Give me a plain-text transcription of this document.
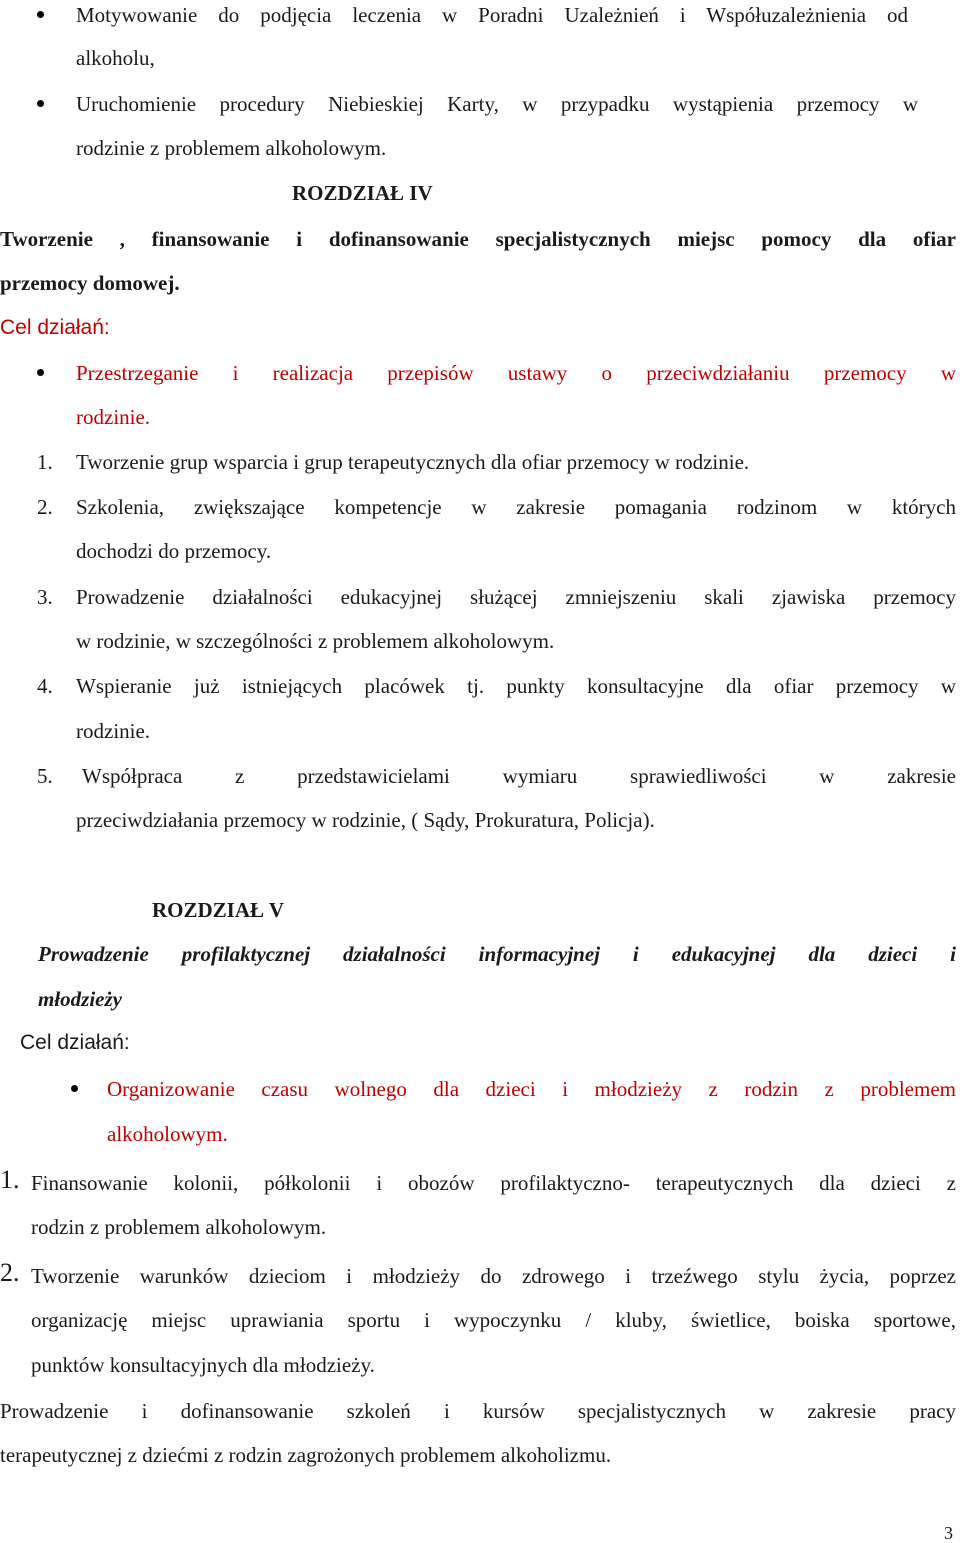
Motywowanie do podjęcia leczenia w Poradni Uzależnień i Współuzależnienia od
alkoholu,
Uruchomienie procedury Niebieskiej Karty, w przypadku wystąpienia przemocy w
rodzinie z problemem alkoholowym.
ROZDZIAŁ IV
Tworzenie , finansowanie i dofinansowanie specjalistycznych miejsc pomocy dla ofiar
przemocy domowej.
Cel działań:
Przestrzeganie i realizacja przepisów ustawy o przeciwdziałaniu przemocy w
rodzinie.
1. Tworzenie grup wsparcia i grup terapeutycznych dla ofiar przemocy w rodzinie.
2. Szkolenia, zwiększające kompetencje w zakresie pomagania rodzinom w których
dochodzi do przemocy.
3. Prowadzenie działalności edukacyjnej służącej zmniejszeniu skali zjawiska przemocy
w rodzinie, w szczególności z problemem alkoholowym.
4. Wspieranie już istniejących placówek tj. punkty konsultacyjne dla ofiar przemocy w
rodzinie.
5. Współpraca z przedstawicielami wymiaru sprawiedliwości w zakresie
przeciwdziałania przemocy w rodzinie, ( Sądy, Prokuratura, Policja).
ROZDZIAŁ V
Prowadzenie profilaktycznej działalności informacyjnej i edukacyjnej dla dzieci i
młodzieży
Cel działań:
Organizowanie czasu wolnego dla dzieci i młodzieży z rodzin z problemem
alkoholowym.
1. Finansowanie kolonii, półkolonii i obozów profilaktyczno- terapeutycznych dla dzieci z
rodzin z problemem alkoholowym.
2. Tworzenie warunków dzieciom i młodzieży do zdrowego i trzeźwego stylu życia, poprzez
organizację miejsc uprawiania sportu i wypoczynku / kluby, świetlice, boiska sportowe,
punktów konsultacyjnych dla młodzieży.
Prowadzenie i dofinansowanie szkoleń i kursów specjalistycznych w zakresie pracy
terapeutycznej z dziećmi z rodzin zagrożonych problemem alkoholizmu.
3
